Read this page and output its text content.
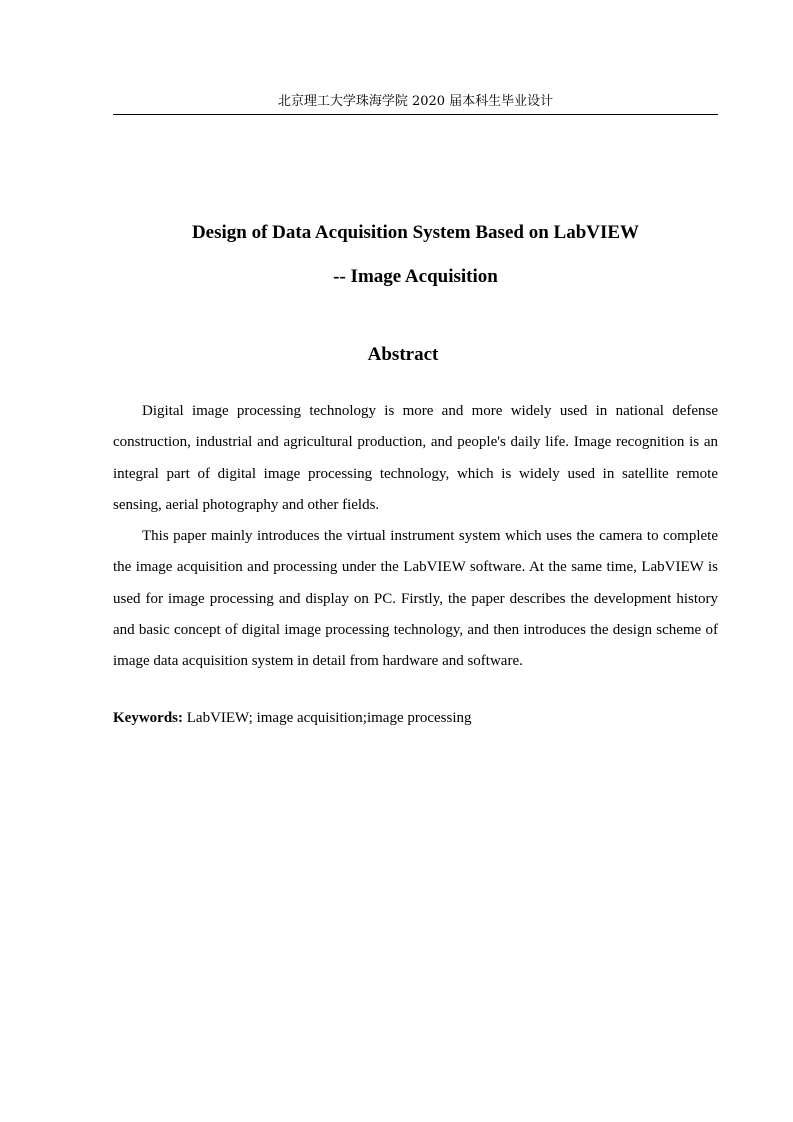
北京理工大学珠海学院 2020 届本科生毕业设计
Design of Data Acquisition System Based on LabVIEW
-- Image Acquisition
Abstract

Digital image processing technology is more and more widely used in national defense construction, industrial and agricultural production, and people's daily life. Image recognition is an integral part of digital image processing technology, which is widely used in satellite remote sensing, aerial photography and other fields.

This paper mainly introduces the virtual instrument system which uses the camera to complete the image acquisition and processing under the LabVIEW software. At the same time, LabVIEW is used for image processing and display on PC. Firstly, the paper describes the development history and basic concept of digital image processing technology, and then introduces the design scheme of image data acquisition system in detail from hardware and software.

Keywords: LabVIEW; image acquisition;image processing
